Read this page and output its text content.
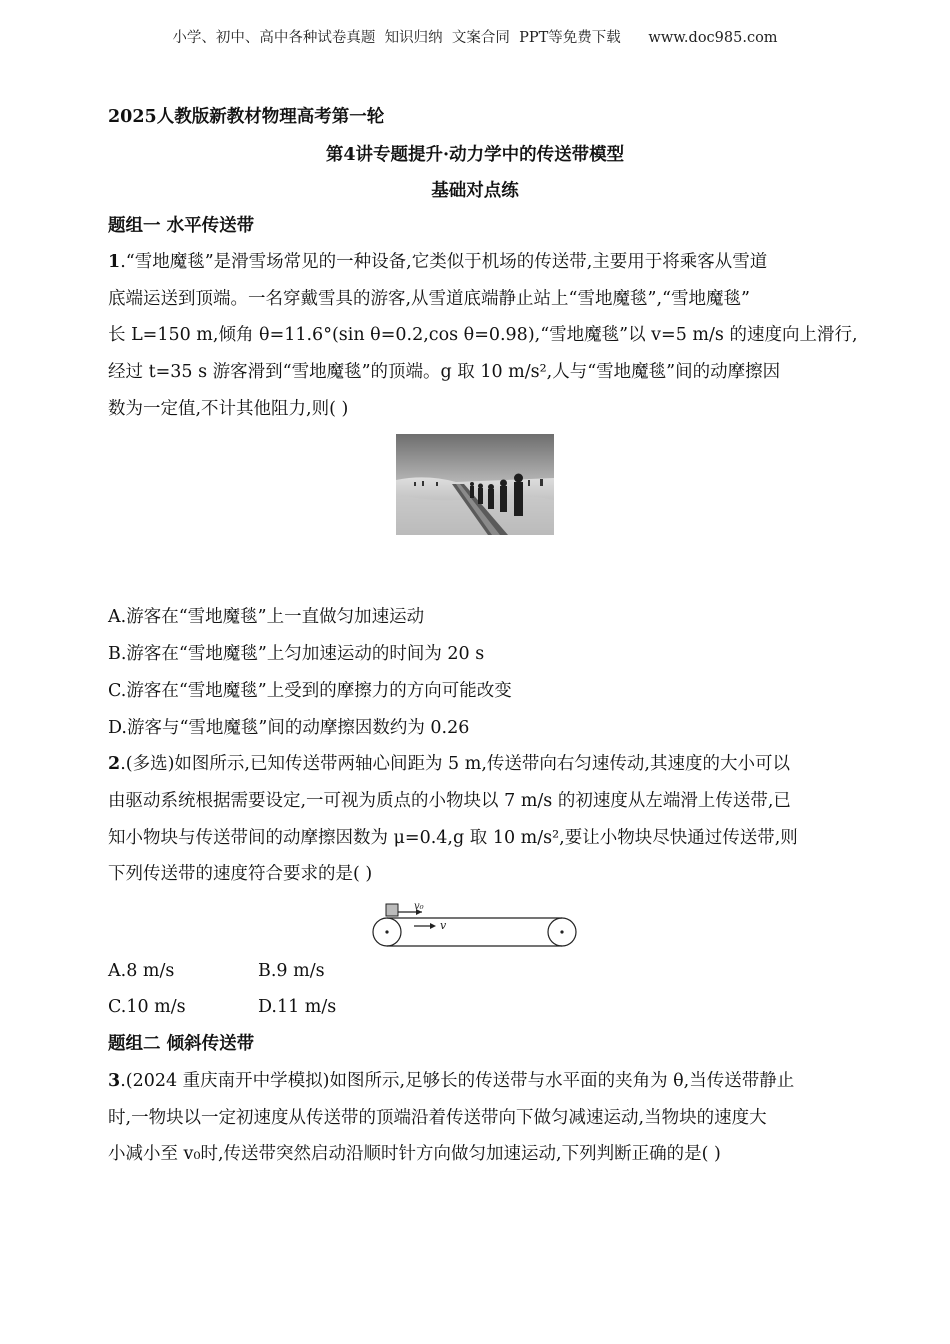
小学、初中、高中各种试卷真题  知识归纳  文案合同  PPT等免费下载      www.doc985.com
2025人教版新教材物理高考第一轮
第4讲专题提升·动力学中的传送带模型
基础对点练
题组一 水平传送带
1.“雪地魔毯”是滑雪场常见的一种设备,它类似于机场的传送带,主要用于将乘客从雪道
底端运送到顶端。一名穿戴雪具的游客,从雪道底端静止站上“雪地魔毯”,“雪地魔毯”
长 L=150 m,倾角 θ=11.6°(sin θ=0.2,cos θ=0.98),“雪地魔毯”以 v=5 m/s 的速度向上滑行,
经过 t=35 s 游客滑到“雪地魔毯”的顶端。g 取 10 m/s²,人与“雪地魔毯”间的动摩擦因
数为一定值,不计其他阻力,则( )
A.游客在“雪地魔毯”上一直做匀加速运动
B.游客在“雪地魔毯”上匀加速运动的时间为 20 s
C.游客在“雪地魔毯”上受到的摩擦力的方向可能改变
D.游客与“雪地魔毯”间的动摩擦因数约为 0.26
2.(多选)如图所示,已知传送带两轴心间距为 5 m,传送带向右匀速传动,其速度的大小可以
由驱动系统根据需要设定,一可视为质点的小物块以 7 m/s 的初速度从左端滑上传送带,已
知小物块与传送带间的动摩擦因数为 μ=0.4,g 取 10 m/s²,要让小物块尽快通过传送带,则
下列传送带的速度符合要求的是( )
v₀
v
A.8 m/s	B.9 m/s
C.10 m/s	D.11 m/s
题组二 倾斜传送带
3.(2024 重庆南开中学模拟)如图所示,足够长的传送带与水平面的夹角为 θ,当传送带静止
时,一物块以一定初速度从传送带的顶端沿着传送带向下做匀减速运动,当物块的速度大
小减小至 v₀时,传送带突然启动沿顺时针方向做匀加速运动,下列判断正确的是( )
